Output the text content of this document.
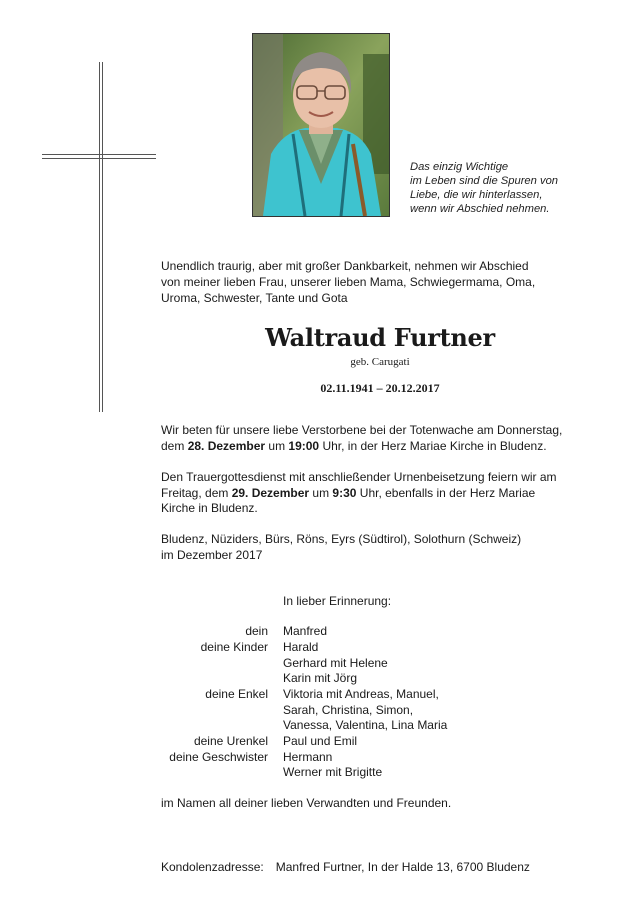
Das einzig Wichtige
im Leben sind die Spuren von
Liebe, die wir hinterlassen,
wenn wir Abschied nehmen.
Unendlich traurig, aber mit großer Dankbarkeit, nehmen wir Abschied
von meiner lieben Frau, unserer lieben Mama, Schwiegermama, Oma,
Uroma, Schwester, Tante und Gota
Waltraud Furtner
geb. Carugati
02.11.1941 – 20.12.2017
Wir beten für unsere liebe Verstorbene bei der Totenwache am Donnerstag,
dem 28. Dezember um 19:00 Uhr, in der Herz Mariae Kirche in Bludenz.
Den Trauergottesdienst mit anschließender Urnenbeisetzung feiern wir am
Freitag, dem 29. Dezember um 9:30 Uhr, ebenfalls in der Herz Mariae
Kirche in Bludenz.
Bludenz, Nüziders, Bürs, Röns, Eyrs (Südtirol), Solothurn (Schweiz)
im Dezember 2017
In lieber Erinnerung:
dein Manfred
deine Kinder Harald
Gerhard mit Helene
Karin mit Jörg
deine Enkel Viktoria mit Andreas, Manuel,
Sarah, Christina, Simon,
Vanessa, Valentina, Lina Maria
deine Urenkel Paul und Emil
deine Geschwister Hermann
Werner mit Brigitte
im Namen all deiner lieben Verwandten und Freunden.
Kondolenzadresse: Manfred Furtner, In der Halde 13, 6700 Bludenz
